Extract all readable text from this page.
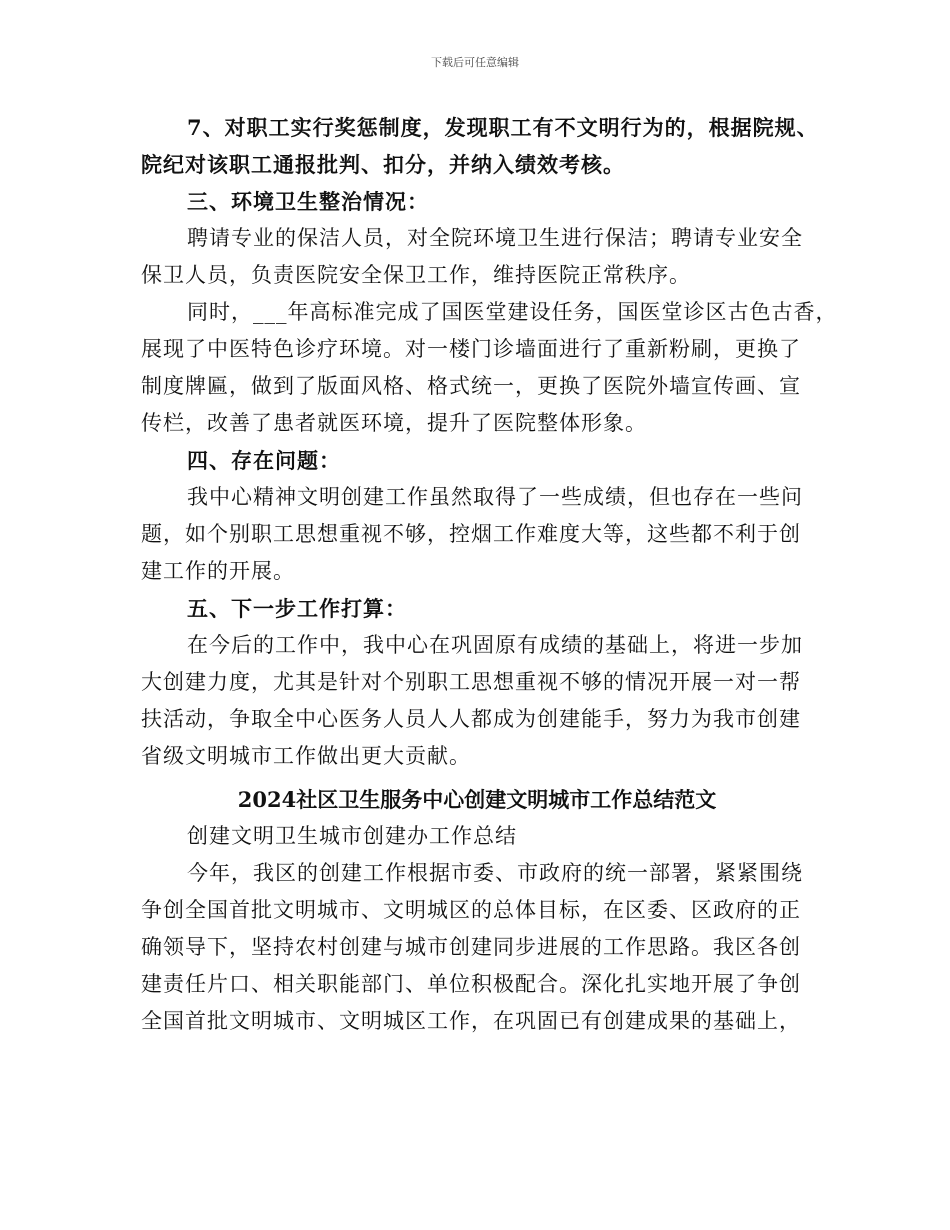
下载后可任意编辑
7、对职工实行奖惩制度，发现职工有不文明行为的，根据院规、
院纪对该职工通报批判、扣分，并纳入绩效考核。
三、环境卫生整治情况：
聘请专业的保洁人员，对全院环境卫生进行保洁；聘请专业安全
保卫人员，负责医院安全保卫工作，维持医院正常秩序。
同时，___年高标准完成了国医堂建设任务，国医堂诊区古色古香，
展现了中医特色诊疗环境。对一楼门诊墙面进行了重新粉刷，更换了
制度牌匾，做到了版面风格、格式统一，更换了医院外墙宣传画、宣
传栏，改善了患者就医环境，提升了医院整体形象。
四、存在问题：
我中心精神文明创建工作虽然取得了一些成绩，但也存在一些问
题，如个别职工思想重视不够，控烟工作难度大等，这些都不利于创
建工作的开展。
五、下一步工作打算：
在今后的工作中，我中心在巩固原有成绩的基础上，将进一步加
大创建力度，尤其是针对个别职工思想重视不够的情况开展一对一帮
扶活动，争取全中心医务人员人人都成为创建能手，努力为我市创建
省级文明城市工作做出更大贡献。
2024社区卫生服务中心创建文明城市工作总结范文
创建文明卫生城市创建办工作总结
今年，我区的创建工作根据市委、市政府的统一部署，紧紧围绕
争创全国首批文明城市、文明城区的总体目标，在区委、区政府的正
确领导下，坚持农村创建与城市创建同步进展的工作思路。我区各创
建责任片口、相关职能部门、单位积极配合。深化扎实地开展了争创
全国首批文明城市、文明城区工作，在巩固已有创建成果的基础上，
